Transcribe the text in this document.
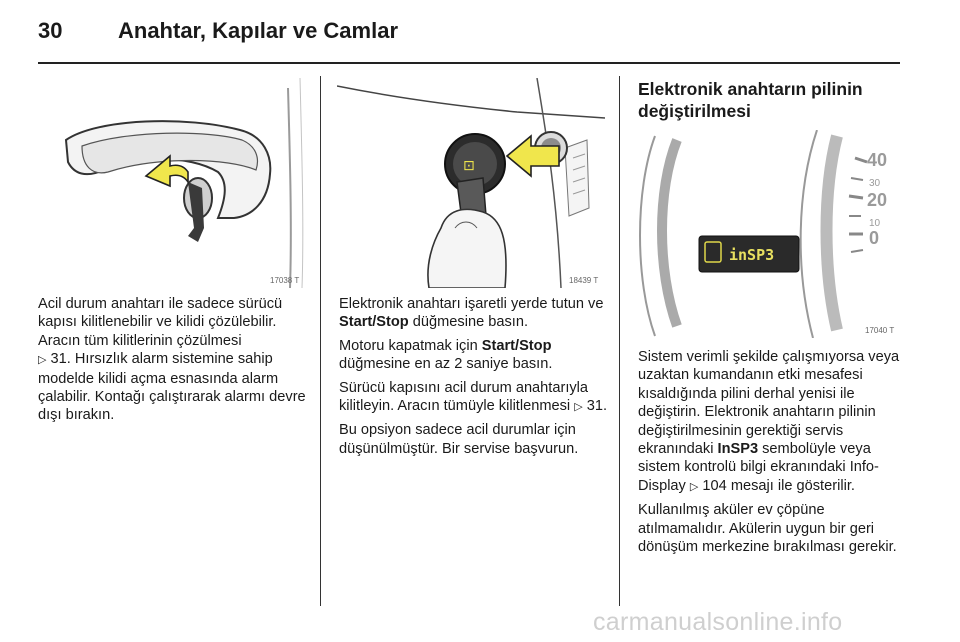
30	Anahtar, Kapılar ve Camlar
17038 T
⊡
18439 T
40
30
20
10
0
inSP3
17040 T

Acil durum anahtarı ile sadece sürücü kapısı kilitlenebilir ve kilidi çözülebilir. Aracın tüm kilitlerinin çözülmesi
▷ 31. Hırsızlık alarm sistemine sahip modelde kilidi açma esnasında alarm çalabilir. Kontağı çalıştırarak alarmı devre dışı bırakın.

Elektronik anahtarı işaretli yerde tutun ve Start/Stop düğmesine basın.

Motoru kapatmak için Start/Stop düğmesine en az 2 saniye basın.

Sürücü kapısını acil durum anahtarıyla kilitleyin. Aracın tümüyle kilitlenmesi ▷ 31.

Bu opsiyon sadece acil durumlar için düşünülmüştür. Bir servise başvurun.

Elektronik anahtarın pilinin değiştirilmesi

Sistem verimli şekilde çalışmıyorsa veya uzaktan kumandanın etki mesafesi kısaldığında pilini derhal yenisi ile değiştirin. Elektronik anahtarın pilinin değiştirilmesinin gerektiği servis ekranındaki InSP3 sembolüyle veya sistem kontrolü bilgi ekranındaki Info-Display ▷ 104 mesajı ile gösterilir.

Kullanılmış aküler ev çöpüne atılmamalıdır. Akülerin uygun bir geri dönüşüm merkezine bırakılması gerekir.

carmanualsonline.info
